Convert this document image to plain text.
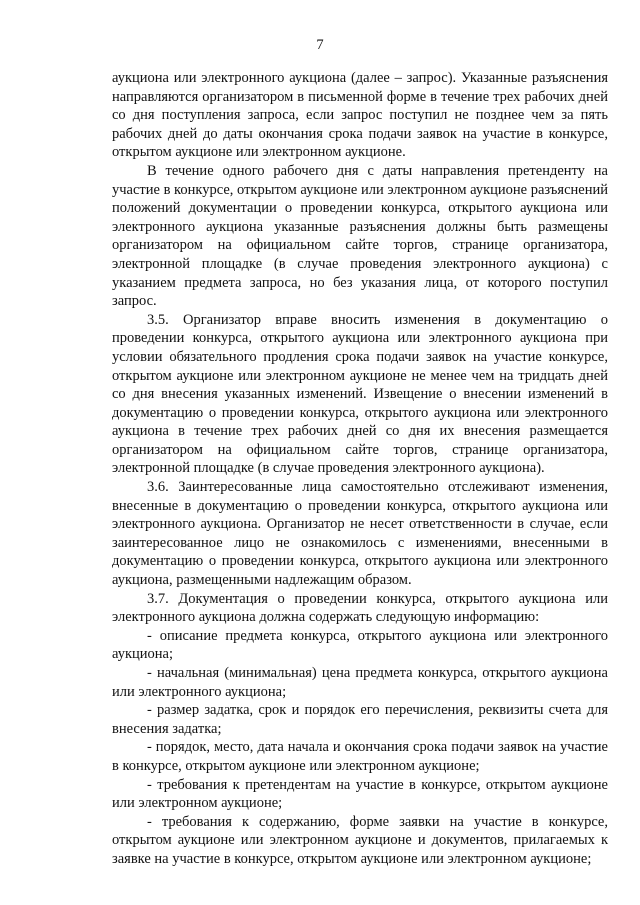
7

аукциона или электронного аукциона (далее – запрос). Указанные разъяснения направляются организатором в письменной форме в течение трех рабочих дней со дня поступления запроса, если запрос поступил не позднее чем за пять рабочих дней до даты окончания срока подачи заявок на участие в конкурсе, открытом аукционе или электронном аукционе.

В течение одного рабочего дня с даты направления претенденту на участие в конкурсе, открытом аукционе или электронном аукционе разъяснений положений документации о проведении конкурса, открытого аукциона или электронного аукциона указанные разъяснения должны быть размещены организатором на официальном сайте торгов, странице организатора, электронной площадке (в случае проведения электронного аукциона) с указанием предмета запроса, но без указания лица, от которого поступил запрос.

3.5. Организатор вправе вносить изменения в документацию о проведении конкурса, открытого аукциона или электронного аукциона при условии обязательного продления срока подачи заявок на участие конкурсе, открытом аукционе или электронном аукционе не менее чем на тридцать дней со дня внесения указанных изменений. Извещение о внесении изменений в документацию о проведении конкурса, открытого аукциона или электронного аукциона в течение трех рабочих дней со дня их внесения размещается организатором на официальном сайте торгов, странице организатора, электронной площадке (в случае проведения электронного аукциона).

3.6. Заинтересованные лица самостоятельно отслеживают изменения, внесенные в документацию о проведении конкурса, открытого аукциона или электронного аукциона. Организатор не несет ответственности в случае, если заинтересованное лицо не ознакомилось с изменениями, внесенными в документацию о проведении конкурса, открытого аукциона или электронного аукциона, размещенными надлежащим образом.

3.7. Документация о проведении конкурса, открытого аукциона или электронного аукциона должна содержать следующую информацию:

- описание предмета конкурса, открытого аукциона или электронного аукциона;

- начальная (минимальная) цена предмета конкурса, открытого аукциона или электронного аукциона;

- размер задатка, срок и порядок его перечисления, реквизиты счета для внесения задатка;

- порядок, место, дата начала и окончания срока подачи заявок на участие в конкурсе, открытом аукционе или электронном аукционе;

- требования к претендентам на участие в конкурсе, открытом аукционе или электронном аукционе;

- требования к содержанию, форме заявки на участие в конкурсе, открытом аукционе или электронном аукционе и документов, прилагаемых к заявке на участие в конкурсе, открытом аукционе или электронном аукционе;
